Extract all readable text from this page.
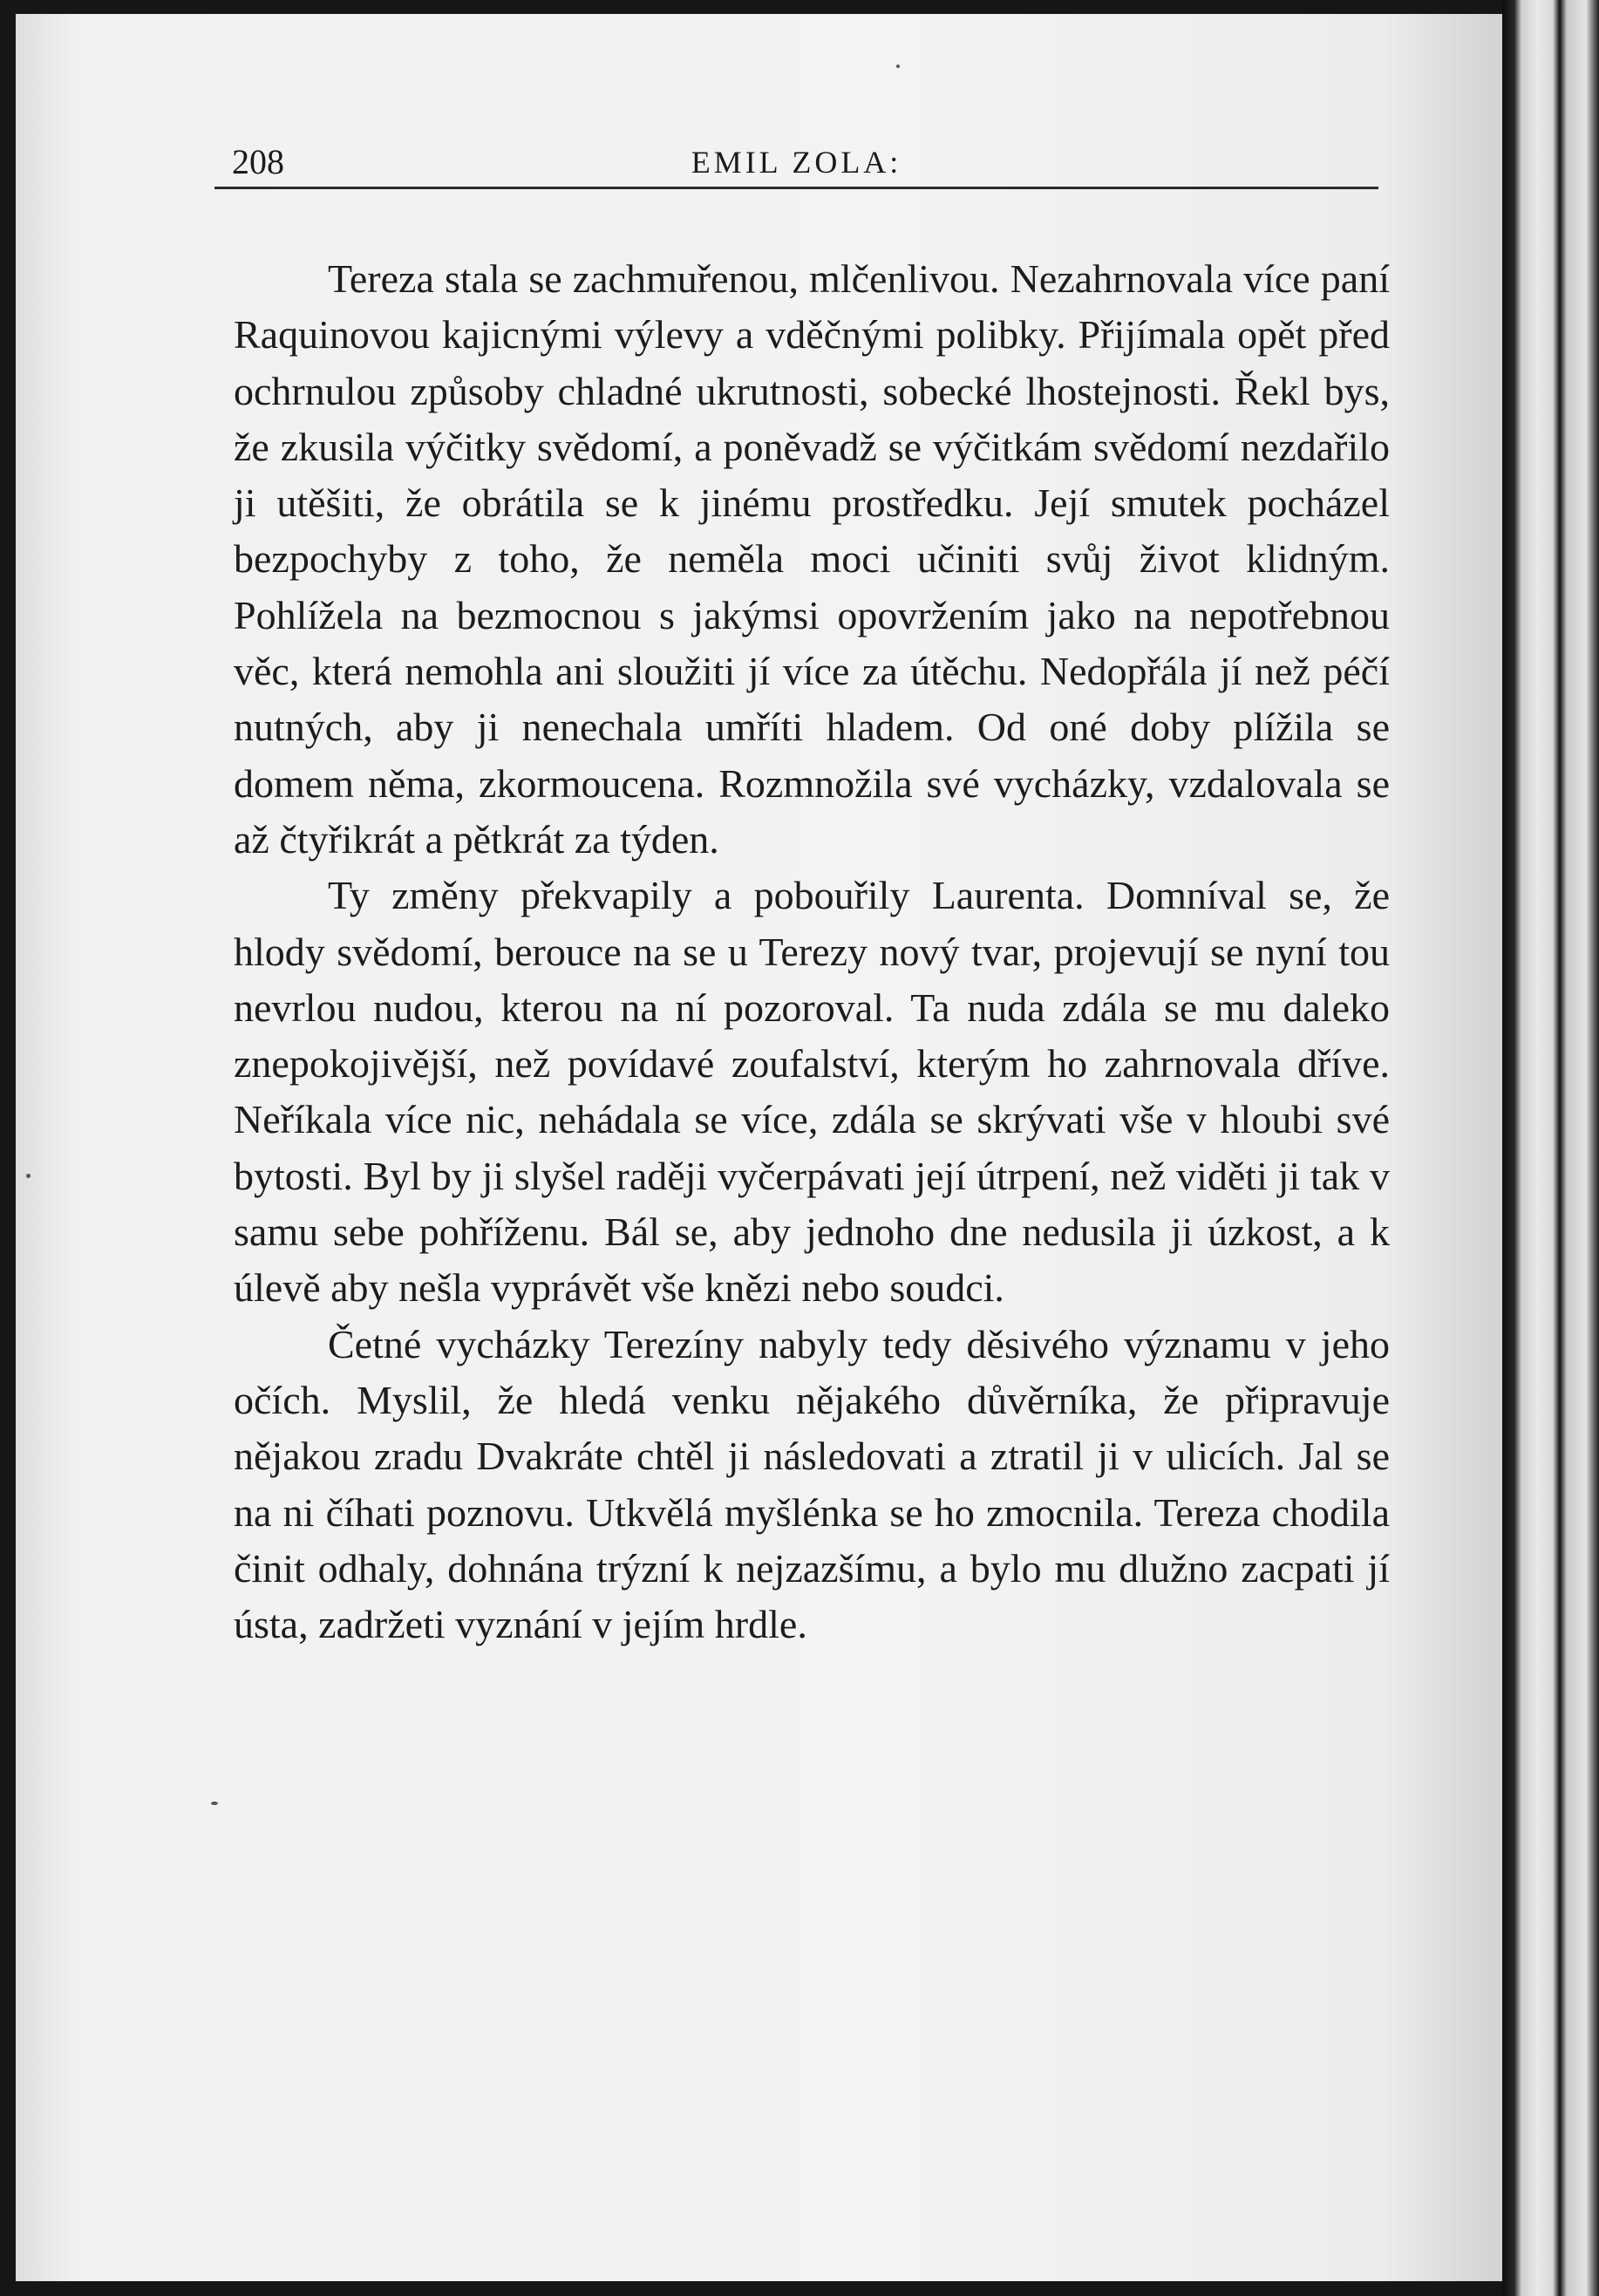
208	EMIL ZOLA:

Tereza stala se zachmuřenou, mlčenlivou. Nezahrnovala více paní Raquinovou kajicnými výlevy a vděčnými polibky. Přijímala opět před ochrnulou způsoby chladné ukrutnosti, sobecké lhostejnosti. Řekl bys, že zkusila výčitky svědomí, a poněvadž se výčitkám svědomí nezdařilo ji utěšiti, že obrátila se k jinému prostředku. Její smutek pocházel bezpochyby z toho, že neměla moci učiniti svůj život klidným. Pohlížela na bezmocnou s jakýmsi opovržením jako na nepotřebnou věc, která nemohla ani sloužiti jí více za útěchu. Nedopřála jí než péčí nutných, aby ji nenechala umříti hladem. Od oné doby plížila se domem němа, zkormoucena. Rozmnožila své vycházky, vzdalovala se až čtyřikrát a pětkrát za týden.

Ty změny překvapily a pobouřily Laurenta. Domníval se, že hlody svědomí, berouce na se u Terezy nový tvar, projevují se nyní tou nevrlou nudou, kterou na ní pozoroval. Ta nuda zdála se mu daleko znepokojivější, než povídavé zoufalství, kterým ho zahrnovala dříve. Neříkala více nic, nehádala se více, zdála se skrývati vše v hloubi své bytosti. Byl by ji slyšel raději vyčerpávati její útrpení, než viděti ji tak v samu sebe pohříženu. Bál se, aby jednoho dne nedusila ji úzkost, a k úlevě aby nešla vyprávět vše knězi nebo soudci.

Četné vycházky Terezíny nabyly tedy děsivého významu v jeho očích. Myslil, že hledá venku nějakého důvěrníka, že připravuje nějakou zradu Dvakráte chtěl ji následovati a ztratil ji v ulicích. Jal se na ni číhati poznovu. Utkvělá myšlénka se ho zmocnila. Tereza chodila činit odhaly, dohnána trýzní k nejzazšímu, a bylo mu dlužno zacpati jí ústa, zadržeti vyznání v jejím hrdle.
